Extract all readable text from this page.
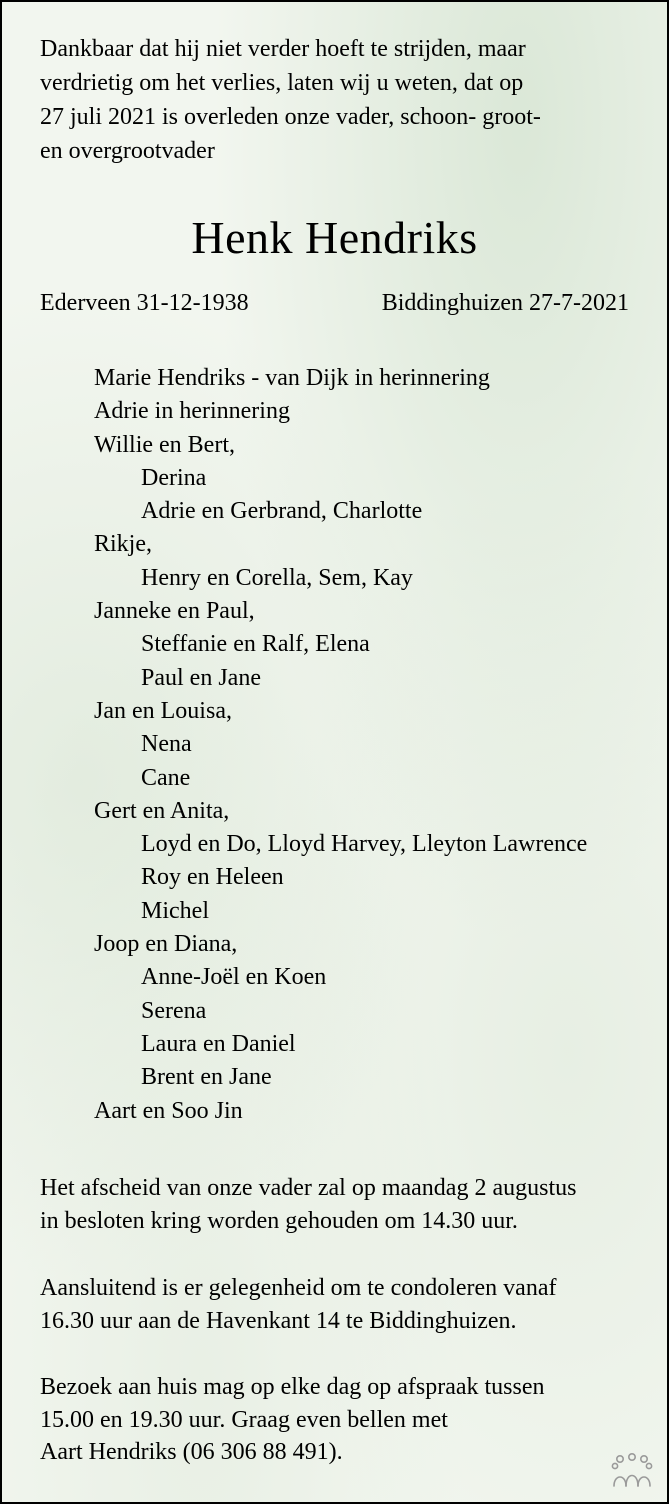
Dankbaar dat hij niet verder hoeft te strijden, maar
verdrietig om het verlies, laten wij u weten, dat op
27 juli 2021 is overleden onze vader, schoon- groot-
en overgrootvader

Henk Hendriks
Ederveen 31-12-1938	Biddinghuizen 27-7-2021
Marie Hendriks - van Dijk in herinnering
Adrie in herinnering
Willie en Bert,
Derina
Adrie en Gerbrand, Charlotte
Rikje,
Henry en Corella, Sem, Kay
Janneke en Paul,
Steffanie en Ralf, Elena
Paul en Jane
Jan en Louisa,
Nena
Cane
Gert en Anita,
Loyd en Do, Lloyd Harvey, Lleyton Lawrence
Roy en Heleen
Michel
Joop en Diana,
Anne-Joël en Koen
Serena
Laura en Daniel
Brent en Jane
Aart en Soo Jin

Het afscheid van onze vader zal op maandag 2 augustus
in besloten kring worden gehouden om 14.30 uur.

Aansluitend is er gelegenheid om te condoleren vanaf
16.30 uur aan de Havenkant 14 te Biddinghuizen.

Bezoek aan huis mag op elke dag op afspraak tussen
15.00 en 19.30 uur. Graag even bellen met
Aart Hendriks (06 306 88 491).
